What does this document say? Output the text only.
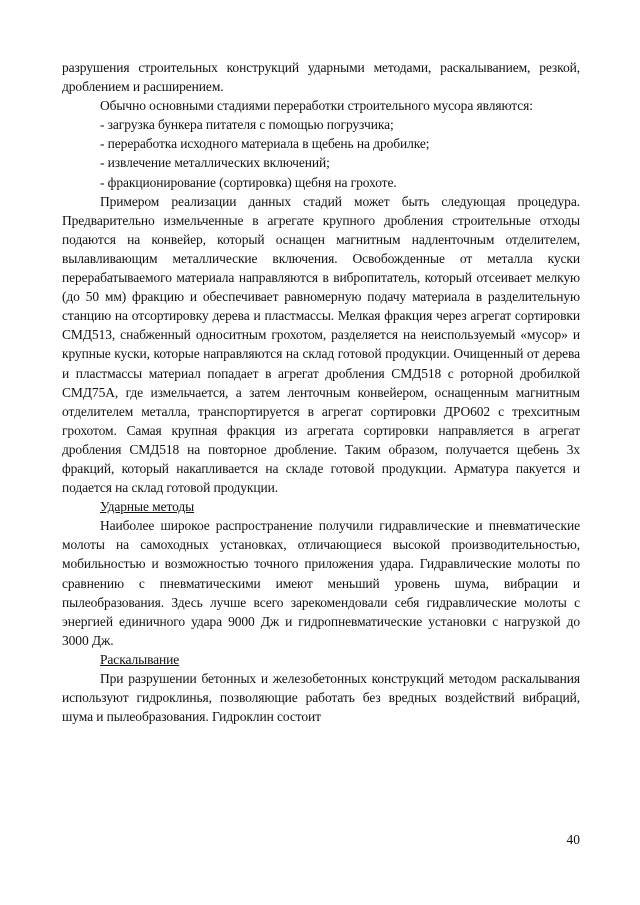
разрушения строительных конструкций ударными методами, раскалыванием, резкой, дроблением и расширением.

Обычно основными стадиями переработки строительного мусора являются:

- загрузка бункера питателя с помощью погрузчика;

- переработка исходного материала в щебень на дробилке;

- извлечение металлических включений;

- фракционирование (сортировка) щебня на грохоте.

Примером реализации данных стадий может быть следующая процедура. Предварительно измельченные в агрегате крупного дробления строительные отходы подаются на конвейер, который оснащен магнитным надленточным отделителем, вылавливающим металлические включения. Освобожденные от металла куски перерабатываемого материала направляются в вибропитатель, который отсеивает мелкую (до 50 мм) фракцию и обеспечивает равномерную подачу материала в разделительную станцию на отсортировку дерева и пластмассы. Мелкая фракция через агрегат сортировки СМД513, снабженный односитным грохотом, разделяется на неиспользуемый «мусор» и крупные куски, которые направляются на склад готовой продукции. Очищенный от дерева и пластмассы материал попадает в агрегат дробления СМД518 с роторной дробилкой СМД75А, где измельчается, а затем ленточным конвейером, оснащенным магнитным отделителем металла, транспортируется в агрегат сортировки ДРО602 с трехситным грохотом. Самая крупная фракция из агрегата сортировки направляется в агрегат дробления СМД518 на повторное дробление. Таким образом, получается щебень 3х фракций, который накапливается на складе готовой продукции. Арматура пакуется и подается на склад готовой продукции.

Ударные методы

Наиболее широкое распространение получили гидравлические и пневматические молоты на самоходных установках, отличающиеся высокой производительностью, мобильностью и возможностью точного приложения удара. Гидравлические молоты по сравнению с пневматическими имеют меньший уровень шума, вибрации и пылеобразования. Здесь лучше всего зарекомендовали себя гидравлические молоты с энергией единичного удара 9000 Дж и гидропневматические установки с нагрузкой до 3000 Дж.

Раскалывание

При разрушении бетонных и железобетонных конструкций методом раскалывания используют гидроклинья, позволяющие работать без вредных воздействий вибраций, шума и пылеобразования. Гидроклин состоит

40
